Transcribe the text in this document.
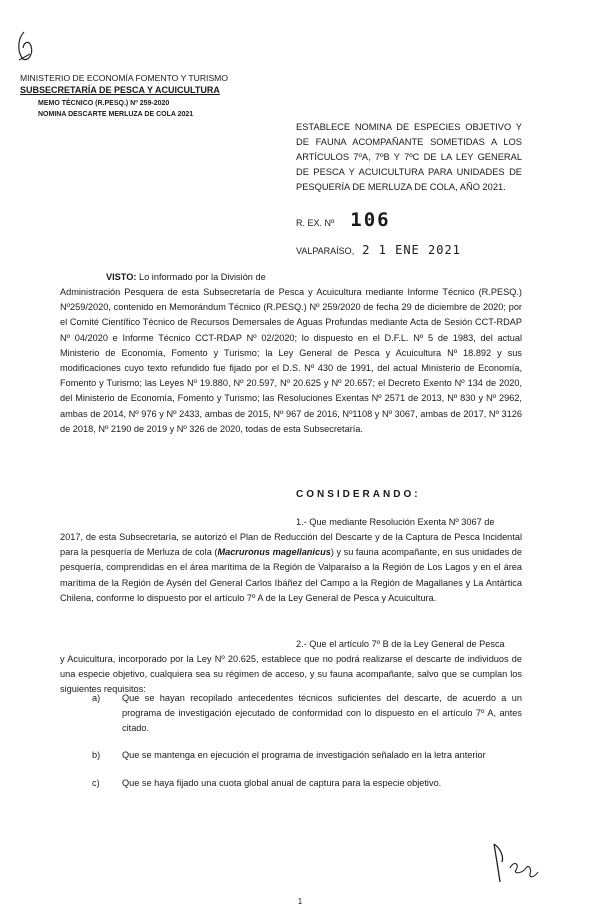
MINISTERIO DE ECONOMÍA FOMENTO Y TURISMO
SUBSECRETARÍA DE PESCA Y ACUICULTURA
MEMO TÉCNICO (R.PESQ.) Nº 259-2020
NOMINA DESCARTE MERLUZA DE COLA 2021
ESTABLECE NOMINA DE ESPECIES OBJETIVO Y DE FAUNA ACOMPAÑANTE SOMETIDAS A LOS ARTÍCULOS 7ºA, 7ºB Y 7ºC DE LA LEY GENERAL DE PESCA Y ACUICULTURA PARA UNIDADES DE PESQUERÍA DE MERLUZA DE COLA, AÑO 2021.
R. EX. Nº 106
VALPARAÍSO, 2 1 ENE 2021
VISTO: Lo informado por la División de
Administración Pesquera de esta Subsecretaría de Pesca y Acuicultura mediante Informe Técnico (R.PESQ.) Nº259/2020, contenido en Memorándum Técnico (R.PESQ.) Nº 259/2020 de fecha 29 de diciembre de 2020; por el Comité Científico Técnico de Recursos Demersales de Aguas Profundas mediante Acta de Sesión CCT-RDAP Nº 04/2020 e Informe Técnico CCT-RDAP Nº 02/2020; lo dispuesto en el D.F.L. Nº 5 de 1983, del actual Ministerio de Economía, Fomento y Turismo; la Ley General de Pesca y Acuicultura Nº 18.892 y sus modificaciones cuyo texto refundido fue fijado por el D.S. Nº 430 de 1991, del actual Ministerio de Economía, Fomento y Turismo; las Leyes Nº 19.880, Nº 20.597, Nº 20.625 y Nº 20.657; el Decreto Exento Nº 134 de 2020, del Ministerio de Economía, Fomento y Turismo; las Resoluciones Exentas Nº 2571 de 2013, Nº 830 y Nº 2962, ambas de 2014, Nº 976 y Nº 2433, ambas de 2015, Nº 967 de 2016, Nº1108 y Nº 3067, ambas de 2017, Nº 3126 de 2018, Nº 2190 de 2019 y Nº 326 de 2020, todas de esta Subsecretaría.
CONSIDERANDO:
1.- Que mediante Resolución Exenta Nº 3067 de
2017, de esta Subsecretaría, se autorizó el Plan de Reducción del Descarte y de la Captura de Pesca Incidental para la pesquería de Merluza de cola (Macruronus magellanicus) y su fauna acompañante, en sus unidades de pesquería, comprendidas en el área marítima de la Región de Valparaíso a la Región de Los Lagos y en el área marítima de la Región de Aysén del General Carlos Ibáñez del Campo a la Región de Magallanes y La Antártica Chilena, conforme lo dispuesto por el artículo 7º A de la Ley General de Pesca y Acuicultura.
2.- Que el artículo 7º B de la Ley General de Pesca
y Acuicultura, incorporado por la Ley Nº 20.625, establece que no podrá realizarse el descarte de individuos de una especie objetivo, cualquiera sea su régimen de acceso, y su fauna acompañante, salvo que se cumplan los siguientes requisitos:
a)	Que se hayan recopilado antecedentes técnicos suficientes del descarte, de acuerdo a un programa de investigación ejecutado de conformidad con lo dispuesto en el artículo 7º A, antes citado.
b)	Que se mantenga en ejecución el programa de investigación señalado en la letra anterior
c)	Que se haya fijado una cuota global anual de captura para la especie objetivo.
1
